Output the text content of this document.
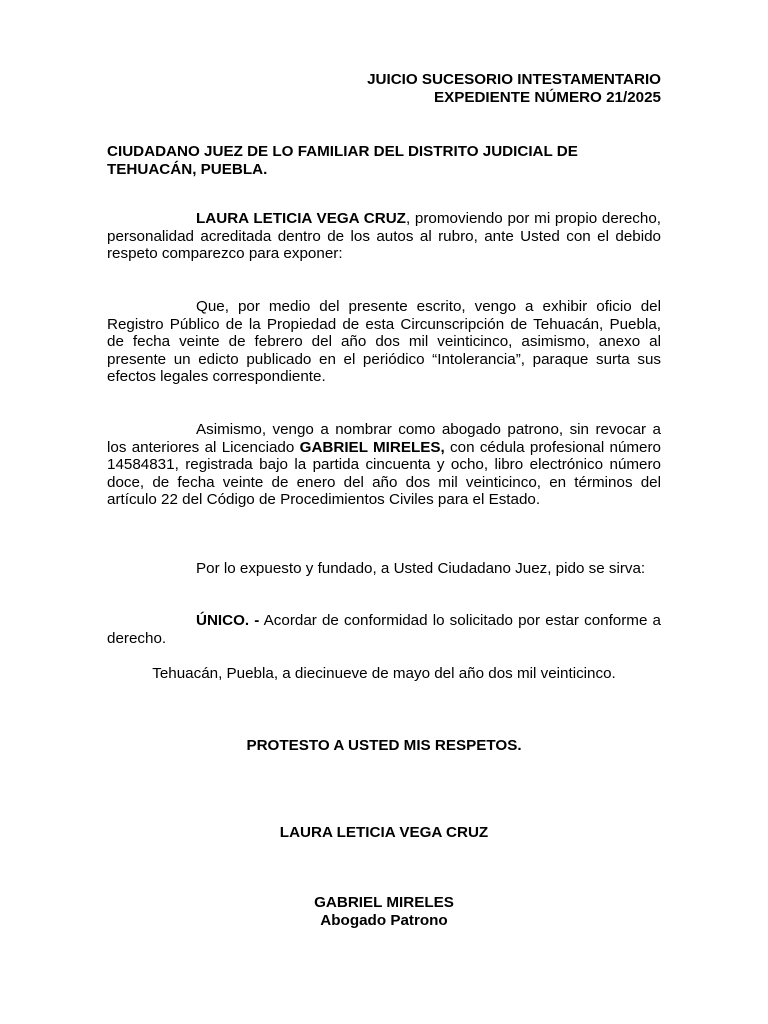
JUICIO SUCESORIO INTESTAMENTARIO
EXPEDIENTE NÚMERO 21/2025
CIUDADANO JUEZ DE LO FAMILIAR DEL DISTRITO JUDICIAL DE
TEHUACÁN, PUEBLA.

LAURA LETICIA VEGA CRUZ, promoviendo por mi propio derecho, personalidad acreditada dentro de los autos al rubro, ante Usted con el debido respeto comparezco para exponer:

Que, por medio del presente escrito, vengo a exhibir oficio del Registro Público de la Propiedad de esta Circunscripción de Tehuacán, Puebla, de fecha veinte de febrero del año dos mil veinticinco, asimismo, anexo al presente un edicto publicado en el periódico “Intolerancia”, paraque surta sus efectos legales correspondiente.

Asimismo, vengo a nombrar como abogado patrono, sin revocar a los anteriores al Licenciado GABRIEL MIRELES, con cédula profesional número 14584831, registrada bajo la partida cincuenta y ocho, libro electrónico número doce, de fecha veinte de enero del año dos mil veinticinco, en términos del artículo 22 del Código de Procedimientos Civiles para el Estado.

Por lo expuesto y fundado, a Usted Ciudadano Juez, pido se sirva:

ÚNICO. - Acordar de conformidad lo solicitado por estar conforme a derecho.

Tehuacán, Puebla, a diecinueve de mayo del año dos mil veinticinco.

PROTESTO A USTED MIS RESPETOS.

LAURA LETICIA VEGA CRUZ

GABRIEL MIRELES
Abogado Patrono
